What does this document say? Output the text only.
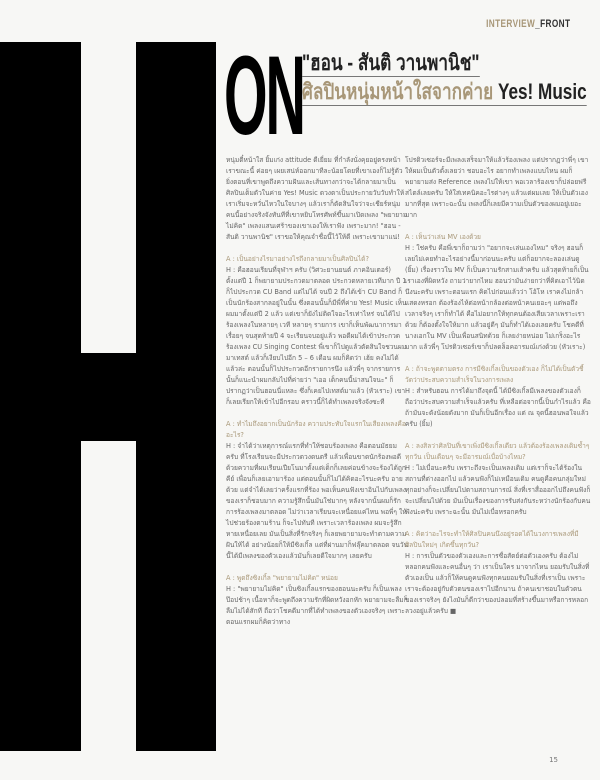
INTERVIEW_FRONT
ON
"ฮอน - สันติ วานพานิช"
ศิลปินหนุ่มหน้าใสจากค่าย Yes! Music

หนุ่มตี๋หน้าใส ยิ้มเก่ง attitude ดีเยี่ยม ที่กำลังนั่งคุยอยู่ตรงหน้าเราขณะนี้ ค่อยๆ เผยเสน่ห์ออกมาทีละน้อยโดยที่เขาเองก็ไม่รู้ตัว ยิ่งตอนที่เขาพูดถึงความฝันและเส้นทางกว่าจะได้กลายมาเป็นศิลปินเต็มตัวในค่าย Yes! Music ดวงตาเป็นประกายวับวับทำให้เราเริ่มจะหวั่นไหวในใจบางๆ แล้วเราก็ตัดสินใจว่าจะเชียร์หนุ่มคนนี้อย่างจริงจังทันทีที่เขาหยิบโทรศัพท์ขึ้นมาเปิดเพลง "พยายามไม่คิด" เพลงแสนเศร้าของเขาเองให้เราฟัง เพราะมาก! "ฮอน - สันติ วานพานิช" เราขอให้คุณจำชื่อนี้ไว้ให้ดี เพราะเขามาแน่!

A : เป็นอย่างไรมาอย่างไรถึงกลายมาเป็นศิลปินได้?
H : คือฮอนเรียนที่จุฬาฯ ครับ (วิศวะยานยนต์ ภาคอินเตอร์) ตั้งแต่ปี 1 ก็พยายามประกวดมาตลอด ประกวดหลายเวทีมาก ปี 1 ก็ไปประกวด CU Band แต่ไม่ได้ จนปี 2 ถึงได้เข้า CU Band ก็เป็นนักร้องสากลอยู่ในนั้น ซึ่งตอนนั้นก็มีพี่ที่ค่าย Yes! Music เห็นผมมาตั้งแต่ปี 2 แล้ว แต่เขาก็ยังไม่ติดใจอะไรเท่าไหร่ จนได้ไปร้องเพลงในหลายๆ เวที หลายๆ รายการ เขาก็เห็นพัฒนาการมาเรื่อยๆ จนสุดท้ายปี 4 จะเรียนจบอยู่แล้ว พอดีผมได้เข้าประกวดร้องเพลง CU Singing Contest พี่เขาก็ไปดูแล้วตัดสินใจชวนผมมาเทสต์ แล้วก็เงียบไปอีก 5 – 6 เดือน ผมก็คิดว่า เฮ้ย คงไม่ได้แล้วล่ะ ตอนนั้นก็ไปประกวดอีกรายการนึง แล้วพี่ๆ จากรายการนั้นก็แนะนำผมกลับไปที่ค่ายว่า "เออ เด็กคนนี้น่าสนใจนะ" ก็ปรากฏว่าเป็นฮอนนี่แหละ ซึ่งก็เคยไปเทสต์มาแล้ว (หัวเราะ) เขาก็เลยเรียกให้เข้าไปอีกรอบ คราวนี้ก็ได้ทำเพลงจริงจังซะที

A : ทำไมถึงอยากเป็นนักร้อง ความประทับใจแรกในเสียงเพลงคืออะไร?
H : จำได้ว่าเหตุการณ์แรกที่ทำให้ชอบร้องเพลง คือตอนมัธยมครับ ที่โรงเรียนจะมีประกวดวงดนตรี แล้วเพื่อนขาดนักร้องพอดี ด้วยความที่ผมเรียนเปียโนมาตั้งแต่เด็กก็เลยค่อนข้างจะร้องได้ถูกคีย์ เพื่อนก็เลยเอามาร้อง แต่ตอนนั้นก็ไม่ได้คิดอะไรนะครับ อายด้วย แต่จำได้เลยว่าครั้งแรกที่ร้อง พอเห็นคนฟังเขาอินไปกับเพลงของเราก็ชอบมาก ความรู้สึกนั้นมันใช่มากๆ หลังจากนั้นผมก็รักการร้องเพลงมาตลอด ไม่ว่าเวลาเรียนจะเหนื่อยแค่ไหน พอพี่ๆ ให้ไปช่วยร้องตามร้าน ก็จะไปทันที เพราะเวลาร้องเพลง ผมจะรู้สึกหายเหนื่อยเลย มันเป็นสิ่งที่รักจริงๆ ก็เลยพยายามจะทำตามความฝันให้ได้ อย่างน้อยก็ให้มีซิงเกิ้ล แต่ที่ผ่านมาก็ฟลุ๊คมาตลอด จนวันนี้ได้มีเพลงของตัวเองแล้วมันก็เลยดีใจมากๆ เลยครับ

A : พูดถึงซิงเกิ้ล "พยายามไม่คิด" หน่อย
H : "พยายามไม่คิด" เป็นซิงเกิ้ลแรกของฮอนนะครับ ก็เป็นเพลงป๊อปช้าๆ เนื้อหาก็จะพูดถึงความรักที่ผิดหวังอกหัก พยายามจะลืมก็ลืมไม่ได้สักที ถือว่าโชคดีมากที่ได้ทำเพลงของตัวเองจริงๆ เพราะตอนแรกผมก็คิดว่าทาง

โปรดิวเซอร์จะมีเพลงเสร็จมาให้แล้วร้องเพลง แต่ปรากฏว่าพี่ๆ เขาให้ผมเป็นตัวตั้งเลยว่า ชอบอะไร อยากทำเพลงแบบไหน ผมก็พยายามส่ง Reference เพลงไปให้เขา พอเวลาร้องเขาก็ปล่อยฟรีสไตล์เลยครับ ให้ใส่เทคนิคอะไรต่างๆ แล้วแต่ผมเลย ให้เป็นตัวเองมากที่สุด เพราะฉะนั้น เพลงนี้ก็เลยมีความเป็นตัวของผมอยู่เยอะมาก

A : เห็นว่าเล่น MV เองด้วย
H : ใช่ครับ คือพี่เขาก็ถามว่า "อยากจะเล่นเองไหม" จริงๆ ฮอนก็เลยไม่เคยทำอะไรอย่างนี้มาก่อนนะครับ แต่ก็อยากจะลองเล่นดู (ยิ้ม) เรื่องราวใน MV ก็เป็นความรักสามเส้าครับ แล้วสุดท้ายก็เป็นเราเองที่ผิดหวัง ถามว่ายากไหม ฮอนว่ามันง่ายกว่าที่คิดเอาไว้นิดนึงนะครับ เพราะตอนแรก คิดไปก่อนแล้วว่า โอ้โห เราคงไม่กล้าแสดงหรอก ต้องร้องไห้ต่อหน้ากล้องต่อหน้าคนเยอะๆ แต่พอถึงเวลาจริงๆ เราก็ทำได้ คือไม่อยากให้ทุกคนต้องเสียเวลาเพราะเราด้วย ก็ต้องตั้งใจให้มาก แล้วอยู่ดีๆ มันก็ทำได้เองเลยครับ โชคดีที่นางเอกใน MV เป็นเพื่อนสนิทด้วย ก็เลยง่ายหน่อย ไม่เกร็งอะไรมาก แล้วพี่ๆ โปรดิวเซอร์เขาก็ปลดล็อคอารมณ์เก่งด้วย (หัวเราะ)

A : ถ้าจะพูดตามตรง การมีซิงเกิ้ลเป็นของตัวเอง ก็ไม่ได้เป็นตัวชี้วัดว่าประสบความสำเร็จในวงการเพลง
H : สำหรับฮอน การได้มาถึงจุดนี้ ได้มีซิงเกิ้ลมีเพลงของตัวเองก็ถือว่าประสบความสำเร็จแล้วครับ ที่เหลือต่อจากนี้เป็นกำไรแล้ว คือถ้ามันจะดังน้อยดังมาก มันก็เป็นอีกเรื่อง แต่ ณ จุดนี้ฮอนพอใจแล้วครับ (ยิ้ม)

A : ลงสิลว่าศิลปินที่เขาเพิ่งมีซิงเกิ้ลเดียว แล้วต้องร้องเพลงเดิมซ้ำๆ ทุกวัน เป็นเดือนๆ จะมีอารมณ์เบื่อบ้างไหม?
H : ไม่เบื่อนะครับ เพราะถึงจะเป็นเพลงเดิม แต่เราก็จะได้ร้องในสถานที่ต่างออกไป แล้วคนฟังก็ไม่เหมือนเดิม คนดูคือคนกลุ่มใหม่ ทุกอย่างก็จะเปลี่ยนไปตามสถานการณ์ สิ่งที่เราสื่อออกไปถึงคนฟังก็จะเปลี่ยนไปด้วย มันเป็นเรื่องของการรับส่งกันระหว่างนักร้องกับคนฟังน่ะครับ เพราะฉะนั้น มันไม่เบื่อหรอกครับ

A : คิดว่าอะไรจะทำให้ศิลปินคนนึงอยู่รอดได้ในวงการเพลงที่มีศิลปินใหม่ๆ เกิดขึ้นทุกวัน?
H : การเป็นตัวของตัวเองและการซื่อสัตย์ต่อตัวเองครับ ต้องไม่หลอกคนฟังและคนอื่นๆ ว่า เราเป็นใคร มาจากไหน ยอมรับในสิ่งที่ตัวเองเป็น แล้วก็ให้คนดูคนฟังทุกคนยอมรับในสิ่งที่เราเป็น เพราะเราจะต้องอยู่กับตัวตนของเราไปอีกนาน ถ้าคนเขาชอบในตัวตนของเราจริงๆ ยังไงมันก็ดีกว่าของปลอมที่สร้างขึ้นมาหรือการหลอกลวงอยู่แล้วครับ ■

15
